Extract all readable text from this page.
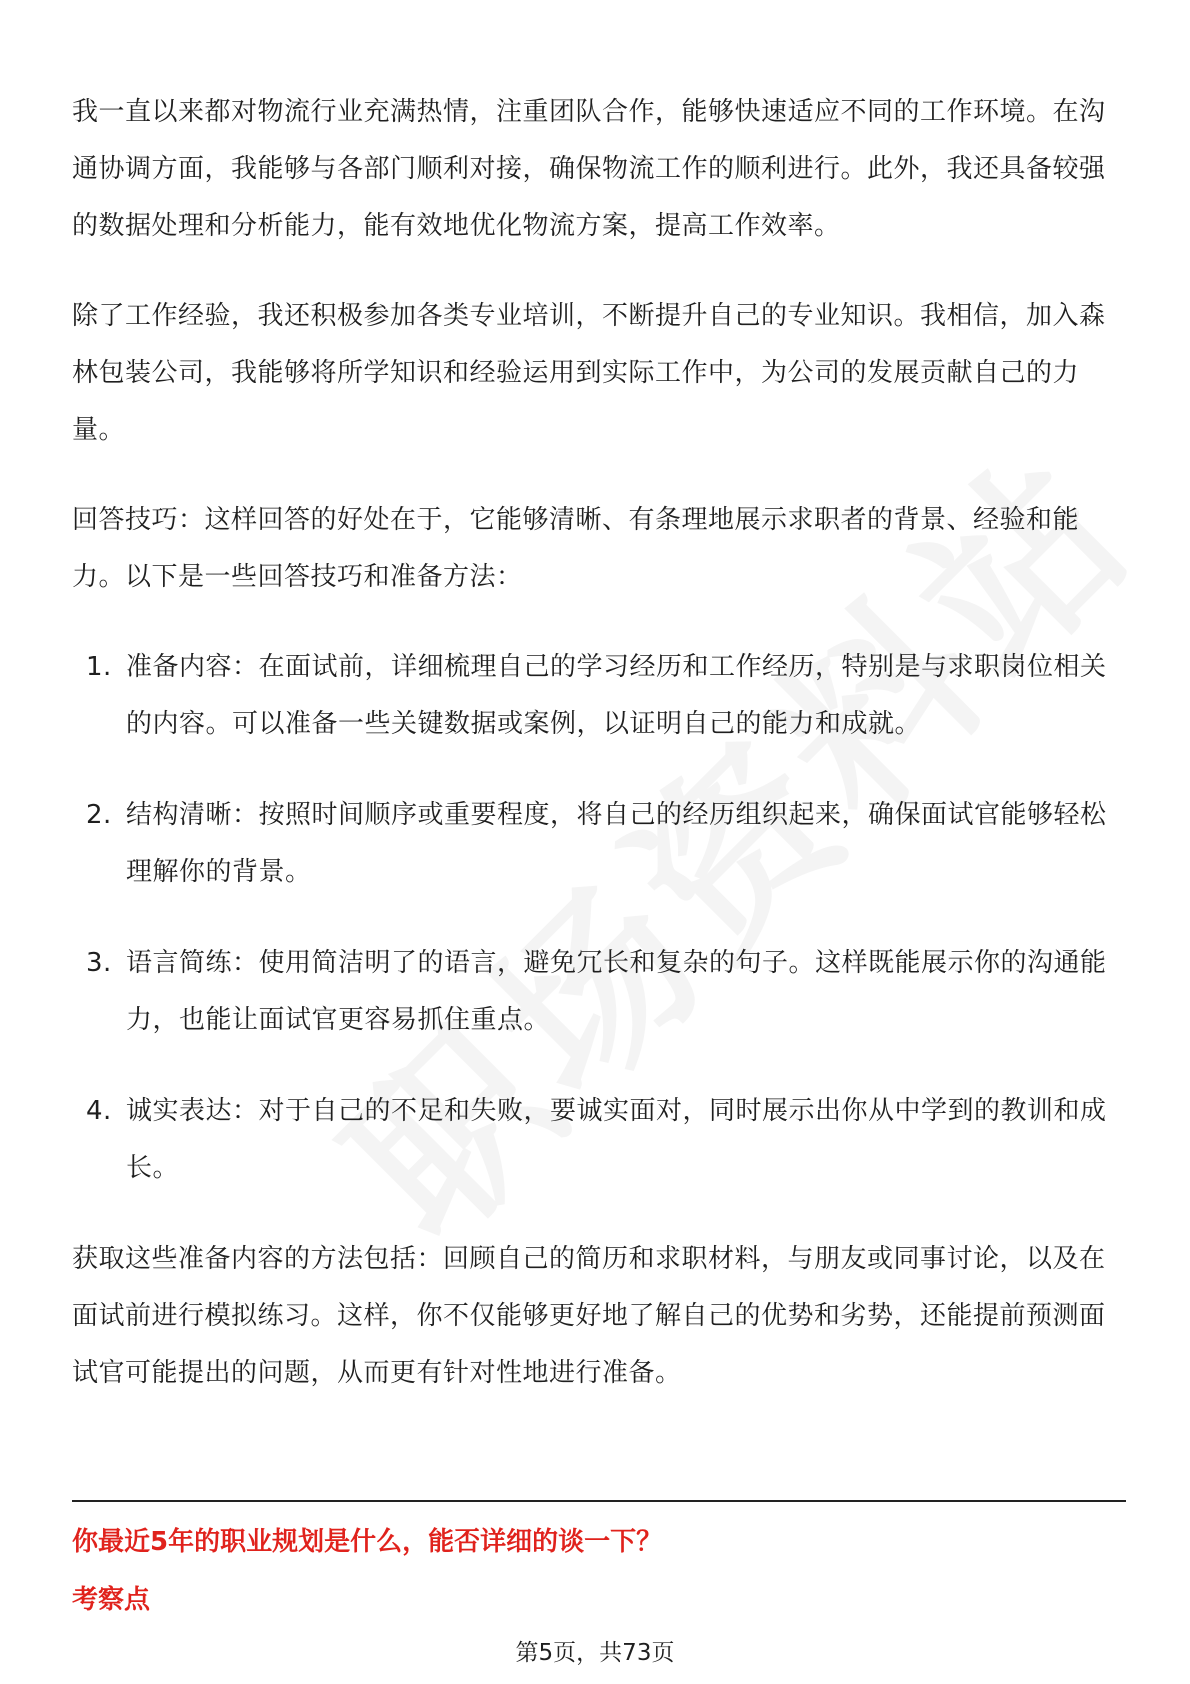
我一直以来都对物流行业充满热情，注重团队合作，能够快速适应不同的工作环境。在沟通协调方面，我能够与各部门顺利对接，确保物流工作的顺利进行。此外，我还具备较强的数据处理和分析能力，能有效地优化物流方案，提高工作效率。

除了工作经验，我还积极参加各类专业培训，不断提升自己的专业知识。我相信，加入森林包装公司，我能够将所学知识和经验运用到实际工作中，为公司的发展贡献自己的力量。

回答技巧：这样回答的好处在于，它能够清晰、有条理地展示求职者的背景、经验和能力。以下是一些回答技巧和准备方法：

1. 准备内容：在面试前，详细梳理自己的学习经历和工作经历，特别是与求职岗位相关的内容。可以准备一些关键数据或案例，以证明自己的能力和成就。
2. 结构清晰：按照时间顺序或重要程度，将自己的经历组织起来，确保面试官能够轻松理解你的背景。
3. 语言简练：使用简洁明了的语言，避免冗长和复杂的句子。这样既能展示你的沟通能力，也能让面试官更容易抓住重点。
4. 诚实表达：对于自己的不足和失败，要诚实面对，同时展示出你从中学到的教训和成长。

获取这些准备内容的方法包括：回顾自己的简历和求职材料，与朋友或同事讨论，以及在面试前进行模拟练习。这样，你不仅能够更好地了解自己的优势和劣势，还能提前预测面试官可能提出的问题，从而更有针对性地进行准备。

你最近5年的职业规划是什么，能否详细的谈一下？
考察点
第5页，共73页
